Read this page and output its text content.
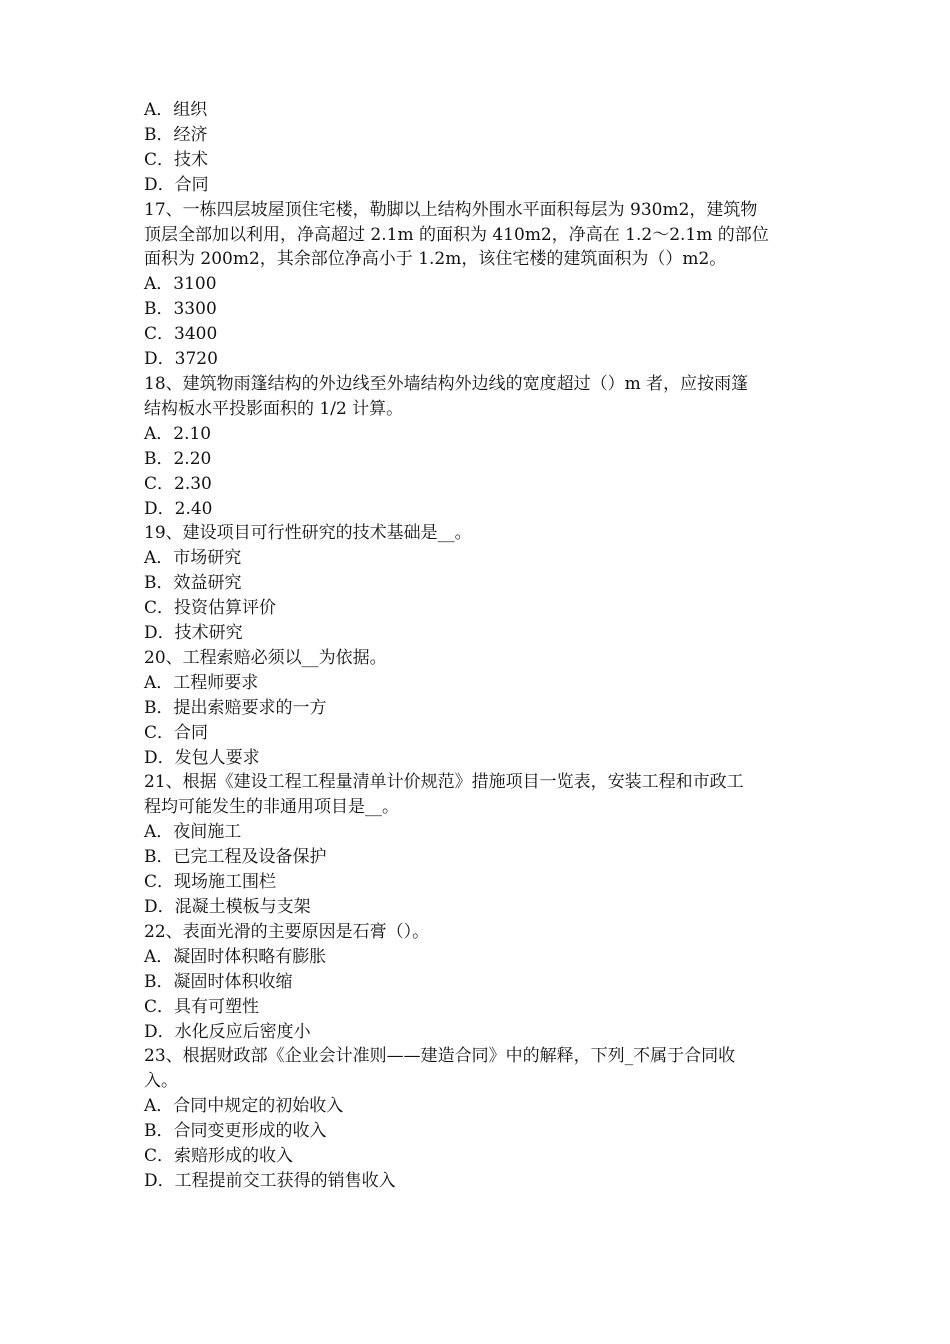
A．组织
B．经济
C．技术
D．合同
17、一栋四层坡屋顶住宅楼，勒脚以上结构外围水平面积每层为 930m2，建筑物
顶层全部加以利用，净高超过 2.1m 的面积为 410m2，净高在 1.2～2.1m 的部位
面积为 200m2，其余部位净高小于 1.2m，该住宅楼的建筑面积为（）m2。
A．3100
B．3300
C．3400
D．3720
18、建筑物雨篷结构的外边线至外墙结构外边线的宽度超过（）m 者，应按雨篷
结构板水平投影面积的 1/2 计算。
A．2.10
B．2.20
C．2.30
D．2.40
19、建设项目可行性研究的技术基础是__。
A．市场研究
B．效益研究
C．投资估算评价
D．技术研究
20、工程索赔必须以__为依据。
A．工程师要求
B．提出索赔要求的一方
C．合同
D．发包人要求
21、根据《建设工程工程量清单计价规范》措施项目一览表，安装工程和市政工
程均可能发生的非通用项目是__。
A．夜间施工
B．已完工程及设备保护
C．现场施工围栏
D．混凝土模板与支架
22、表面光滑的主要原因是石膏（）。
A．凝固时体积略有膨胀
B．凝固时体积收缩
C．具有可塑性
D．水化反应后密度小
23、根据财政部《企业会计准则——建造合同》中的解释，下列_不属于合同收
入。
A．合同中规定的初始收入
B．合同变更形成的收入
C．索赔形成的收入
D．工程提前交工获得的销售收入
